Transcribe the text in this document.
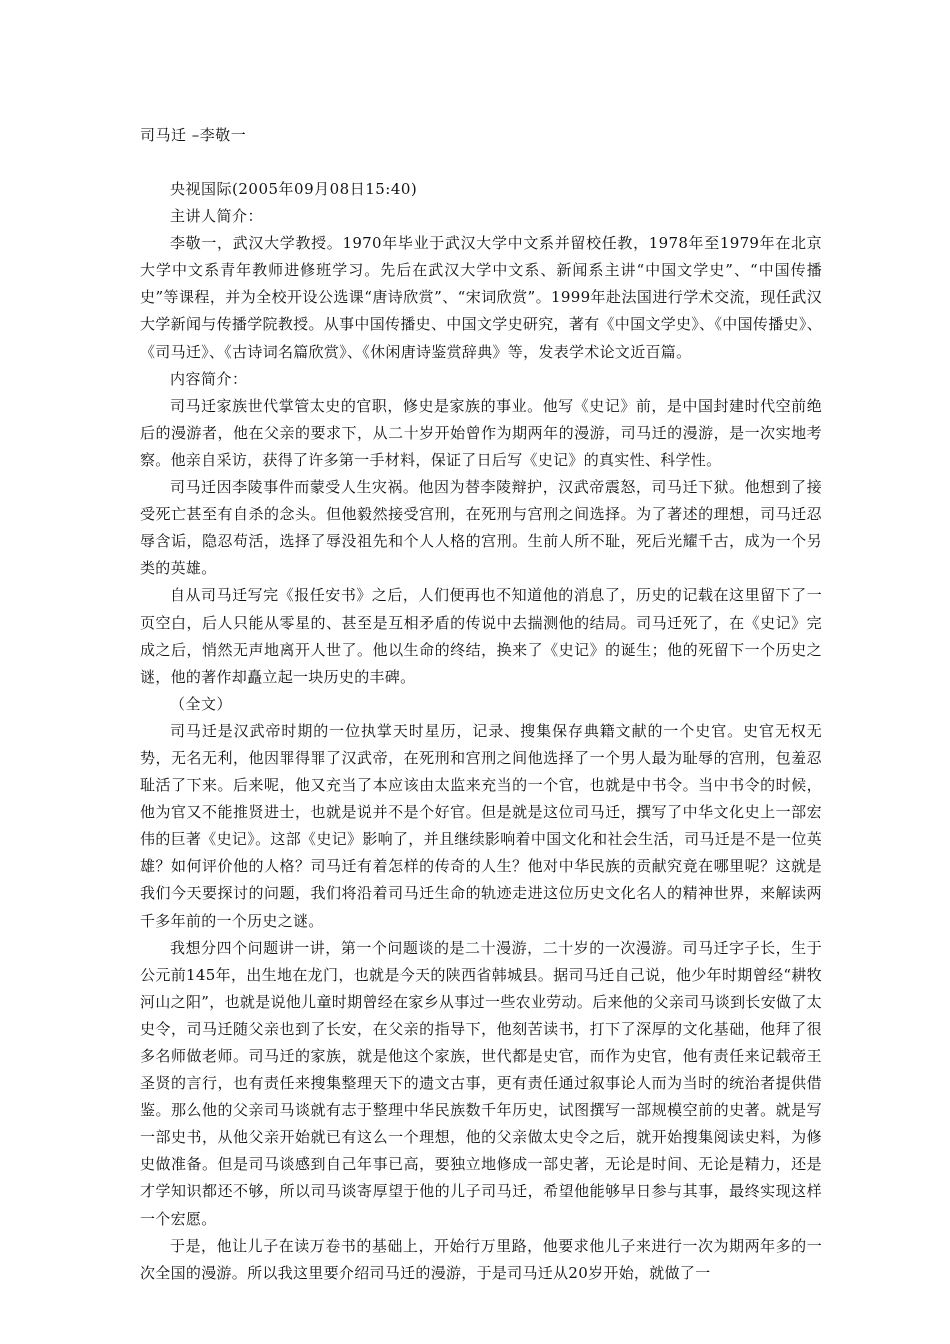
司马迁 –李敬一

央视国际(2005年09月08日15:40)

主讲人简介：

李敬一，武汉大学教授。1970年毕业于武汉大学中文系并留校任教，1978年至1979年在北京大学中文系青年教师进修班学习。先后在武汉大学中文系、新闻系主讲“中国文学史”、“中国传播史”等课程，并为全校开设公选课“唐诗欣赏”、“宋词欣赏”。1999年赴法国进行学术交流，现任武汉大学新闻与传播学院教授。从事中国传播史、中国文学史研究，著有《中国文学史》、《中国传播史》、《司马迁》、《古诗词名篇欣赏》、《休闲唐诗鉴赏辞典》等，发表学术论文近百篇。

内容简介：

司马迁家族世代掌管太史的官职，修史是家族的事业。他写《史记》前，是中国封建时代空前绝后的漫游者，他在父亲的要求下，从二十岁开始曾作为期两年的漫游，司马迁的漫游，是一次实地考察。他亲自采访，获得了许多第一手材料，保证了日后写《史记》的真实性、科学性。

司马迁因李陵事件而蒙受人生灾祸。他因为替李陵辩护，汉武帝震怒，司马迁下狱。他想到了接受死亡甚至有自杀的念头。但他毅然接受宫刑，在死刑与宫刑之间选择。为了著述的理想，司马迁忍辱含诟，隐忍苟活，选择了辱没祖先和个人人格的宫刑。生前人所不耻，死后光耀千古，成为一个另类的英雄。

自从司马迁写完《报任安书》之后，人们便再也不知道他的消息了，历史的记载在这里留下了一页空白，后人只能从零星的、甚至是互相矛盾的传说中去揣测他的结局。司马迁死了，在《史记》完成之后，悄然无声地离开人世了。他以生命的终结，换来了《史记》的诞生；他的死留下一个历史之谜，他的著作却矗立起一块历史的丰碑。

（全文）

司马迁是汉武帝时期的一位执掌天时星历，记录、搜集保存典籍文献的一个史官。史官无权无势，无名无利，他因罪得罪了汉武帝，在死刑和宫刑之间他选择了一个男人最为耻辱的宫刑，包羞忍耻活了下来。后来呢，他又充当了本应该由太监来充当的一个官，也就是中书令。当中书令的时候，他为官又不能推贤进士，也就是说并不是个好官。但是就是这位司马迁，撰写了中华文化史上一部宏伟的巨著《史记》。这部《史记》影响了，并且继续影响着中国文化和社会生活，司马迁是不是一位英雄？如何评价他的人格？司马迁有着怎样的传奇的人生？他对中华民族的贡献究竟在哪里呢？这就是我们今天要探讨的问题，我们将沿着司马迁生命的轨迹走进这位历史文化名人的精神世界，来解读两千多年前的一个历史之谜。

我想分四个问题讲一讲，第一个问题谈的是二十漫游，二十岁的一次漫游。司马迁字子长，生于公元前145年，出生地在龙门，也就是今天的陕西省韩城县。据司马迁自己说，他少年时期曾经“耕牧河山之阳”，也就是说他儿童时期曾经在家乡从事过一些农业劳动。后来他的父亲司马谈到长安做了太史令，司马迁随父亲也到了长安，在父亲的指导下，他刻苦读书，打下了深厚的文化基础，他拜了很多名师做老师。司马迁的家族，就是他这个家族，世代都是史官，而作为史官，他有责任来记载帝王圣贤的言行，也有责任来搜集整理天下的遗文古事，更有责任通过叙事论人而为当时的统治者提供借鉴。那么他的父亲司马谈就有志于整理中华民族数千年历史，试图撰写一部规模空前的史著。就是写一部史书，从他父亲开始就已有这么一个理想，他的父亲做太史令之后，就开始搜集阅读史料，为修史做准备。但是司马谈感到自己年事已高，要独立地修成一部史著，无论是时间、无论是精力，还是才学知识都还不够，所以司马谈寄厚望于他的儿子司马迁，希望他能够早日参与其事，最终实现这样一个宏愿。

于是，他让儿子在读万卷书的基础上，开始行万里路，他要求他儿子来进行一次为期两年多的一次全国的漫游。所以我这里要介绍司马迁的漫游，于是司马迁从20岁开始，就做了一
